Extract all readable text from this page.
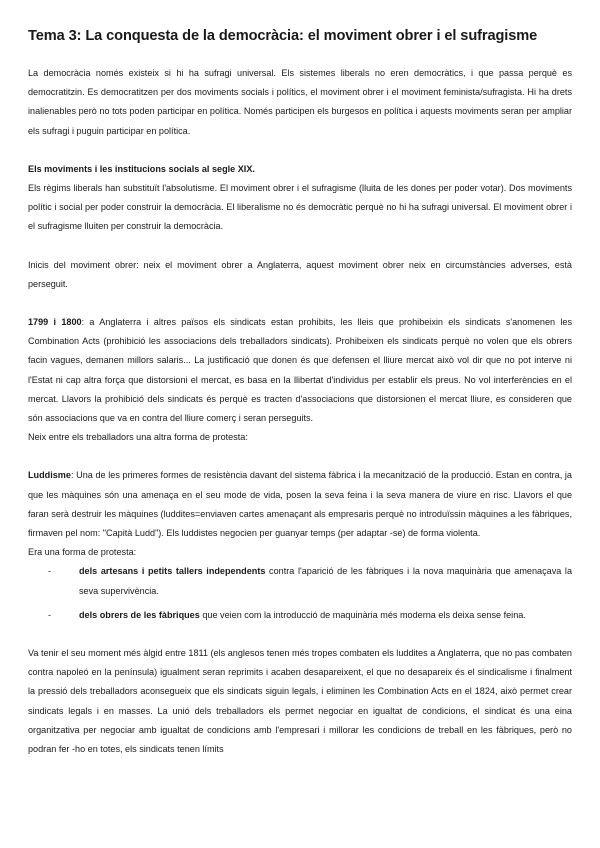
Tema 3: La conquesta de la democràcia: el moviment obrer i el sufragisme

La democràcia només existeix si hi ha sufragi universal. Els sistemes liberals no eren democràtics, i que passa perquè es democratitzin. Es democratitzen per dos moviments socials i polítics, el moviment obrer i el moviment feminista/sufragista. Hi ha drets inalienables però no tots poden participar en política. Només participen els burgesos en política i aquests moviments seran per ampliar els sufragi i puguin participar en política.

Els moviments i les institucions socials al segle XIX.

Els règims liberals han substituït l'absolutisme. El moviment obrer i el sufragisme (lluita de les dones per poder votar). Dos moviments polític i social per poder construir la democràcia. El liberalisme no és democràtic perquè no hi ha sufragi universal. El moviment obrer i el sufragisme lluiten per construir la democràcia.

Inicis del moviment obrer: neix el moviment obrer a Anglaterra, aquest moviment obrer neix en circumstàncies adverses, està perseguit.

1799 i 1800: a Anglaterra i altres països els sindicats estan prohibits, les lleis que prohibeixin els sindicats s'anomenen les Combination Acts (prohibició les associacions dels treballadors sindicats). Prohibeixen els sindicats perquè no volen que els obrers facin vagues, demanen millors salaris... La justificació que donen és que defensen el lliure mercat això vol dir que no pot interve ni l'Estat ni cap altra força que distorsioni el mercat, es basa en la llibertat d'individus per establir els preus. No vol interferències en el mercat. Llavors la prohibició dels sindicats és perquè es tracten d'associacions que distorsionen el mercat lliure, es consideren que són associacions que va en contra del lliure comerç i seran perseguits.

Neix entre els treballadors una altra forma de protesta:

Luddisme: Una de les primeres formes de resistència davant del sistema fàbrica i la mecanització de la producció. Estan en contra, ja que les màquines són una amenaça en el seu mode de vida, posen la seva feina i la seva manera de viure en risc. Llavors el que faran serà destruir les màquines (luddites=enviaven cartes amenaçant als empresaris perquè no introduïssin màquines a les fàbriques, firmaven pel nom: "Capità Ludd"). Els luddistes negocien per guanyar temps (per adaptar -se) de forma violenta.

Era una forma de protesta:

-	dels artesans i petits tallers independents contra l'aparició de les fàbriques i la nova maquinària que amenaçava la seva supervivència.
-	dels obrers de les fàbriques que veien com la introducció de maquinària més moderna els deixa sense feina.

Va tenir el seu moment més àlgid entre 1811 (els anglesos tenen més tropes combaten els luddites a Anglaterra, que no pas combaten contra napoleó en la península) igualment seran reprimits i acaben desapareixent, el que no desapareix és el sindicalisme i finalment la pressió dels treballadors aconsegueix que els sindicats siguin legals, i eliminen les Combination Acts en el 1824, això permet crear sindicats legals i en masses. La unió dels treballadors els permet negociar en igualtat de condicions, el sindicat és una eina organitzativa per negociar amb igualtat de condicions amb l'empresari i millorar les condicions de treball en les fàbriques, però no podran fer -ho en totes, els sindicats tenen límits
